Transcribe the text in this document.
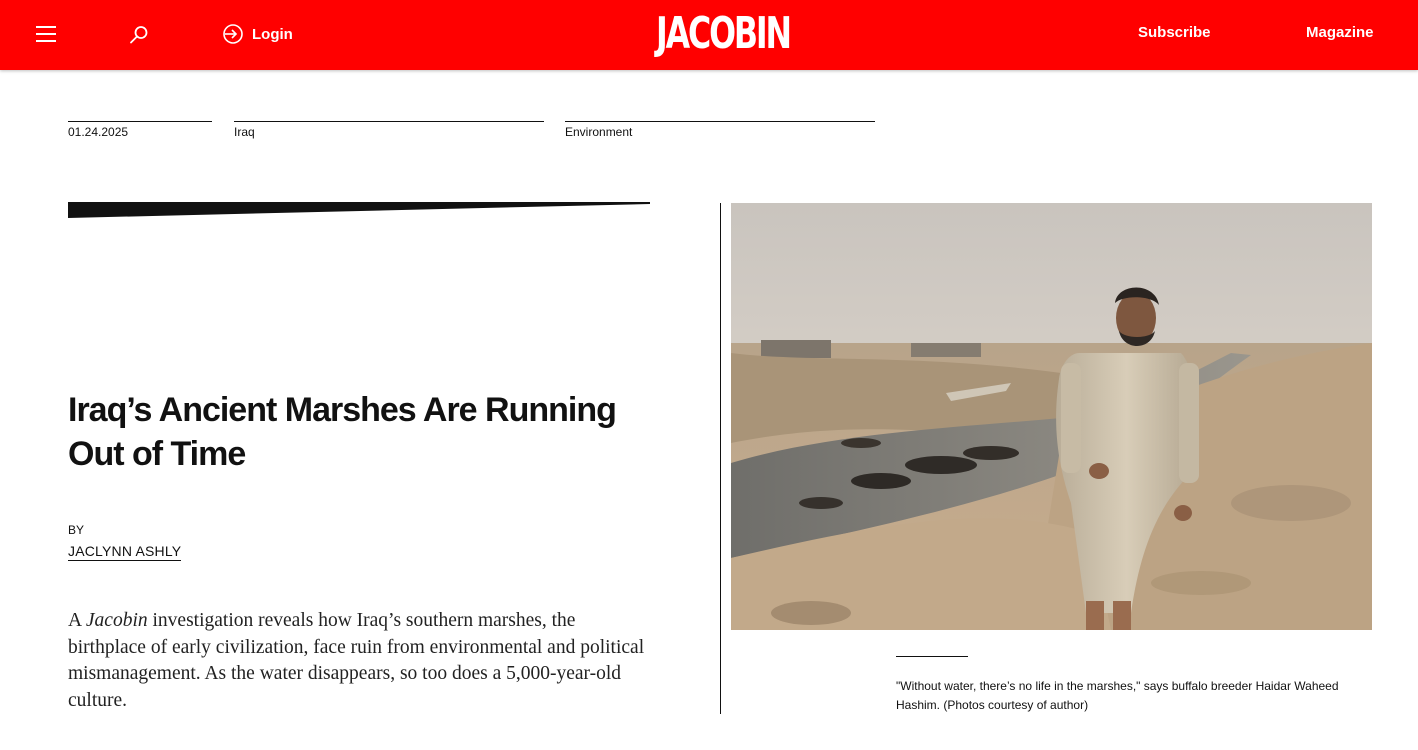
Login	JACOBIN	Subscribe	Magazine
01.24.2025	Iraq	Environment
Iraq’s Ancient Marshes Are Running Out of Time
BY
JACLYNN ASHLY

A Jacobin investigation reveals how Iraq’s southern marshes, the birthplace of early civilization, face ruin from environmental and political mismanagement. As the water disappears, so too does a 5,000-year-old culture.

"Without water, there’s no life in the marshes," says buffalo breeder Haidar Waheed Hashim. (Photos courtesy of author)
